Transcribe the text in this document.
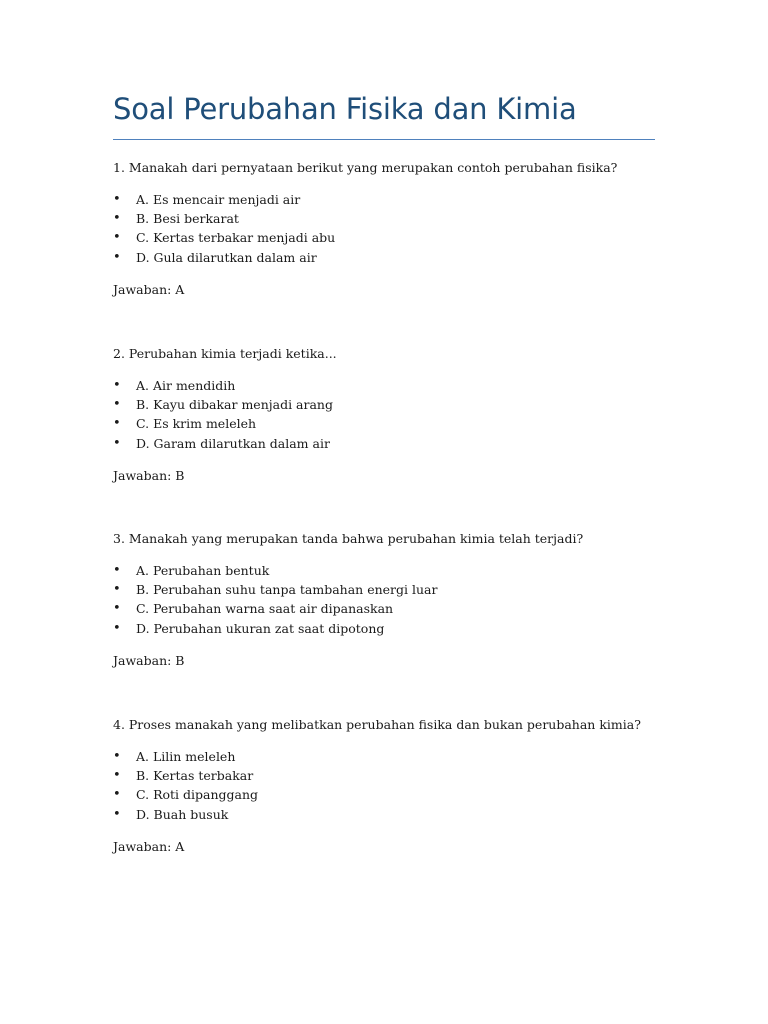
Soal Perubahan Fisika dan Kimia

1. Manakah dari pernyataan berikut yang merupakan contoh perubahan fisika?

• A. Es mencair menjadi air
• B. Besi berkarat
• C. Kertas terbakar menjadi abu
• D. Gula dilarutkan dalam air

Jawaban: A

2. Perubahan kimia terjadi ketika...

• A. Air mendidih
• B. Kayu dibakar menjadi arang
• C. Es krim meleleh
• D. Garam dilarutkan dalam air

Jawaban: B

3. Manakah yang merupakan tanda bahwa perubahan kimia telah terjadi?

• A. Perubahan bentuk
• B. Perubahan suhu tanpa tambahan energi luar
• C. Perubahan warna saat air dipanaskan
• D. Perubahan ukuran zat saat dipotong

Jawaban: B

4. Proses manakah yang melibatkan perubahan fisika dan bukan perubahan kimia?

• A. Lilin meleleh
• B. Kertas terbakar
• C. Roti dipanggang
• D. Buah busuk

Jawaban: A
